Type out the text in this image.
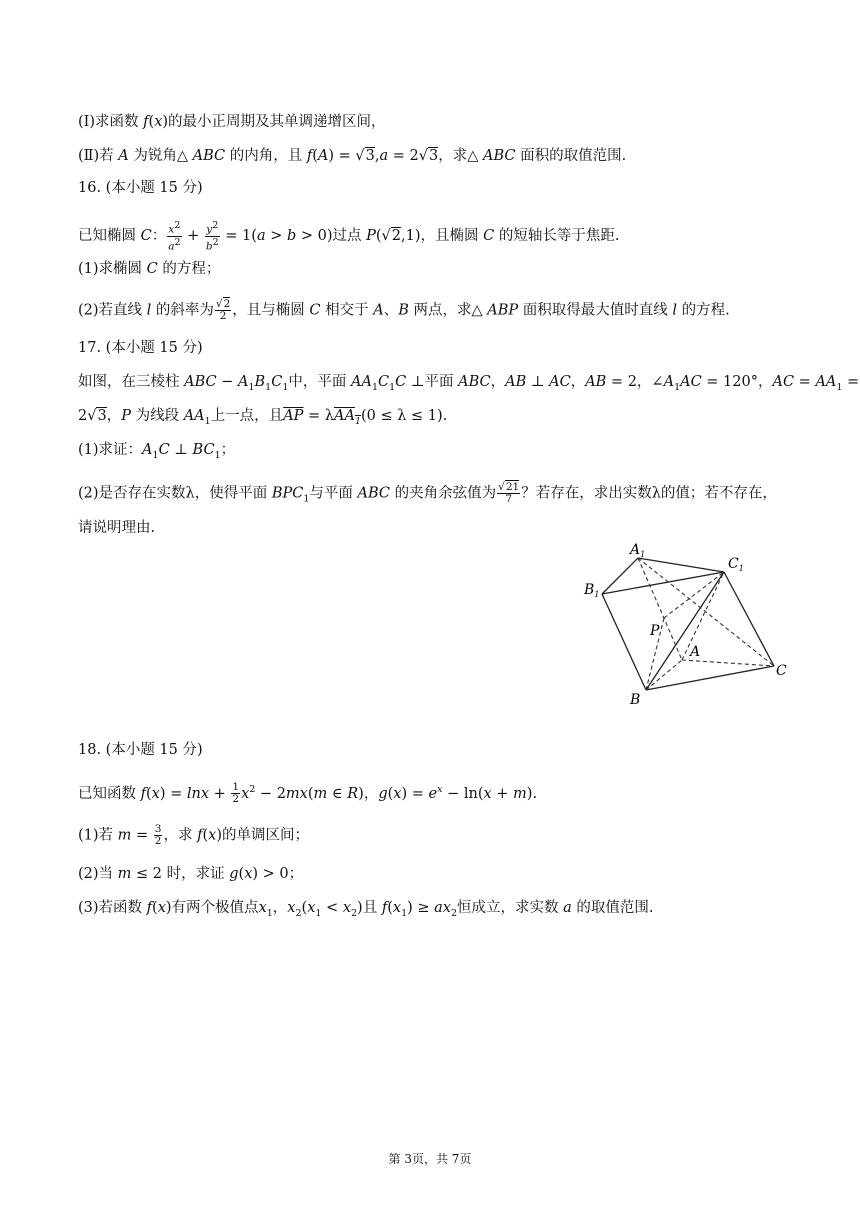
(Ⅰ)求函数 f(x)的最小正周期及其单调递增区间，
(Ⅱ)若 A 为锐角△ ABC 的内角，且 f(A) = √3,a = 2√3，求△ ABC 面积的取值范围.
16. (本小题 15 分)
已知椭圆 C： $\frac{x^2}{a^2} + \frac{y^2}{b^2} = 1(a > b > 0)$过点 P(√2,1)，且椭圆 C 的短轴长等于焦距.
(1)求椭圆 C 的方程；
(2)若直线 l 的斜率为 $\frac{√2}{2}$ ，且与椭圆 C 相交于 A、B 两点，求△ ABP 面积取得最大值时直线 l 的方程.
17. (本小题 15 分)
如图，在三棱柱 ABC − $A_1B_1C_1$中，平面 $AA_1C_1C$ ⊥平面 ABC，AB ⊥ AC，AB = 2，$\angle A_1AC = 120^\circ$，AC = $AA_1$ =
2√3，P 为线段 $AA_1$上一点，且$\overline{AP} = \lambda AA_1(0 \le \lambda \le 1)$.
(1)求证：$A_1C$ ⊥ $BC_1$；
(2)是否存在实数λ，使得平面 $BPC_1$与平面 ABC 的夹角余弦值为 $\frac{√21}{7}$ ？若存在，求出实数λ的值；若不存在，
请说明理由.
$A_1$
$C_1$
$B_1$
P
A
C
B
18. (本小题 15 分)
已知函数 $f(x) = \ln x + \frac{1}{2} x^2 - 2mx(m$ ∈ R)，$g(x) = e^x - \ln(x + m)$.
(1)若 $m = \frac{3}{2}$ ，求 f(x)的单调区间；
(2)当 m ≤ 2 时，求证 g(x) > 0；
(3)若函数 f(x)有两个极值点$x_1$，$x_2(x_1 < x_2)$且 $f(x_1) \ge ax_2$恒成立，求实数 a 的取值范围.
第 3页，共 7页
